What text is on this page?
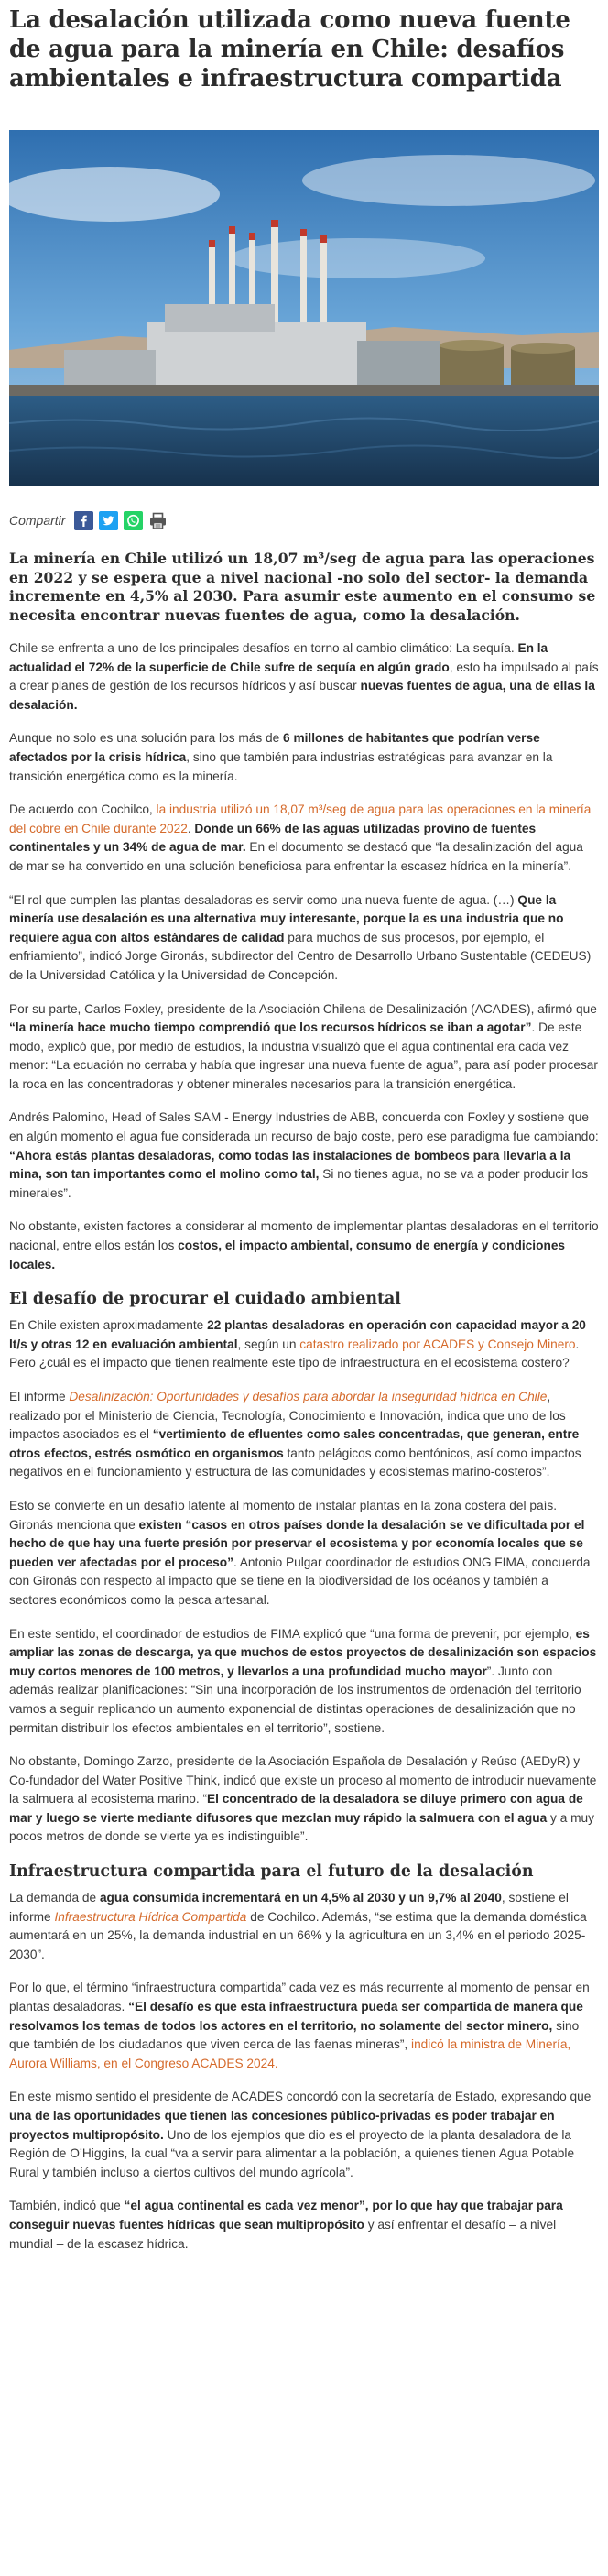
La desalación utilizada como nueva fuente de agua para la minería en Chile: desafíos ambientales e infraestructura compartida
Compartir

La minería en Chile utilizó un 18,07 m³/seg de agua para las operaciones en 2022 y se espera que a nivel nacional -no solo del sector- la demanda incremente en 4,5% al 2030. Para asumir este aumento en el consumo se necesita encontrar nuevas fuentes de agua, como la desalación.

Chile se enfrenta a uno de los principales desafíos en torno al cambio climático: La sequía. En la actualidad el 72% de la superficie de Chile sufre de sequía en algún grado, esto ha impulsado al país a crear planes de gestión de los recursos hídricos y así buscar nuevas fuentes de agua, una de ellas la desalación.

Aunque no solo es una solución para los más de 6 millones de habitantes que podrían verse afectados por la crisis hídrica, sino que también para industrias estratégicas para avanzar en la transición energética como es la minería.

De acuerdo con Cochilco, la industria utilizó un 18,07 m³/seg de agua para las operaciones en la minería del cobre en Chile durante 2022. Donde un 66% de las aguas utilizadas provino de fuentes continentales y un 34% de agua de mar. En el documento se destacó que “la desalinización del agua de mar se ha convertido en una solución beneficiosa para enfrentar la escasez hídrica en la minería”.

“El rol que cumplen las plantas desaladoras es servir como una nueva fuente de agua. (…) Que la minería use desalación es una alternativa muy interesante, porque la es una industria que no requiere agua con altos estándares de calidad para muchos de sus procesos, por ejemplo, el enfriamiento”, indicó Jorge Gironás, subdirector del Centro de Desarrollo Urbano Sustentable (CEDEUS) de la Universidad Católica y la Universidad de Concepción.

Por su parte, Carlos Foxley, presidente de la Asociación Chilena de Desalinización (ACADES), afirmó que “la minería hace mucho tiempo comprendió que los recursos hídricos se iban a agotar”. De este modo, explicó que, por medio de estudios, la industria visualizó que el agua continental era cada vez menor: “La ecuación no cerraba y había que ingresar una nueva fuente de agua”, para así poder procesar la roca en las concentradoras y obtener minerales necesarios para la transición energética.

Andrés Palomino, Head of Sales SAM - Energy Industries de ABB, concuerda con Foxley y sostiene que en algún momento el agua fue considerada un recurso de bajo coste, pero ese paradigma fue cambiando: “Ahora estás plantas desaladoras, como todas las instalaciones de bombeos para llevarla a la mina, son tan importantes como el molino como tal, Si no tienes agua, no se va a poder producir los minerales”.

No obstante, existen factores a considerar al momento de implementar plantas desaladoras en el territorio nacional, entre ellos están los costos, el impacto ambiental, consumo de energía y condiciones locales.

El desafío de procurar el cuidado ambiental

En Chile existen aproximadamente 22 plantas desaladoras en operación con capacidad mayor a 20 lt/s y otras 12 en evaluación ambiental, según un catastro realizado por ACADES y Consejo Minero. Pero ¿cuál es el impacto que tienen realmente este tipo de infraestructura en el ecosistema costero?

El informe Desalinización: Oportunidades y desafíos para abordar la inseguridad hídrica en Chile, realizado por el Ministerio de Ciencia, Tecnología, Conocimiento e Innovación, indica que uno de los impactos asociados es el “vertimiento de efluentes como sales concentradas, que generan, entre otros efectos, estrés osmótico en organismos tanto pelágicos como bentónicos, así como impactos negativos en el funcionamiento y estructura de las comunidades y ecosistemas marino-costeros”.

Esto se convierte en un desafío latente al momento de instalar plantas en la zona costera del país. Gironás menciona que existen “casos en otros países donde la desalación se ve dificultada por el hecho de que hay una fuerte presión por preservar el ecosistema y por economía locales que se pueden ver afectadas por el proceso”. Antonio Pulgar coordinador de estudios ONG FIMA, concuerda con Gironás con respecto al impacto que se tiene en la biodiversidad de los océanos y también a sectores económicos como la pesca artesanal.

En este sentido, el coordinador de estudios de FIMA explicó que “una forma de prevenir, por ejemplo, es ampliar las zonas de descarga, ya que muchos de estos proyectos de desalinización son espacios muy cortos menores de 100 metros, y llevarlos a una profundidad mucho mayor”. Junto con además realizar planificaciones: “Sin una incorporación de los instrumentos de ordenación del territorio vamos a seguir replicando un aumento exponencial de distintas operaciones de desalinización que no permitan distribuir los efectos ambientales en el territorio”, sostiene.

No obstante, Domingo Zarzo, presidente de la Asociación Española de Desalación y Reúso (AEDyR) y Co-fundador del Water Positive Think, indicó que existe un proceso al momento de introducir nuevamente la salmuera al ecosistema marino. “El concentrado de la desaladora se diluye primero con agua de mar y luego se vierte mediante difusores que mezclan muy rápido la salmuera con el agua y a muy pocos metros de donde se vierte ya es indistinguible”.

Infraestructura compartida para el futuro de la desalación

La demanda de agua consumida incrementará en un 4,5% al 2030 y un 9,7% al 2040, sostiene el informe Infraestructura Hídrica Compartida de Cochilco. Además, “se estima que la demanda doméstica aumentará en un 25%, la demanda industrial en un 66% y la agricultura en un 3,4% en el periodo 2025-2030”.

Por lo que, el término “infraestructura compartida” cada vez es más recurrente al momento de pensar en plantas desaladoras. “El desafío es que esta infraestructura pueda ser compartida de manera que resolvamos los temas de todos los actores en el territorio, no solamente del sector minero, sino que también de los ciudadanos que viven cerca de las faenas mineras”, indicó la ministra de Minería, Aurora Williams, en el Congreso ACADES 2024.

En este mismo sentido el presidente de ACADES concordó con la secretaría de Estado, expresando que una de las oportunidades que tienen las concesiones público-privadas es poder trabajar en proyectos multipropósito. Uno de los ejemplos que dio es el proyecto de la planta desaladora de la Región de O’Higgins, la cual “va a servir para alimentar a la población, a quienes tienen Agua Potable Rural y también incluso a ciertos cultivos del mundo agrícola”.

También, indicó que “el agua continental es cada vez menor”, por lo que hay que trabajar para conseguir nuevas fuentes hídricas que sean multipropósito y así enfrentar el desafío – a nivel mundial – de la escasez hídrica.
